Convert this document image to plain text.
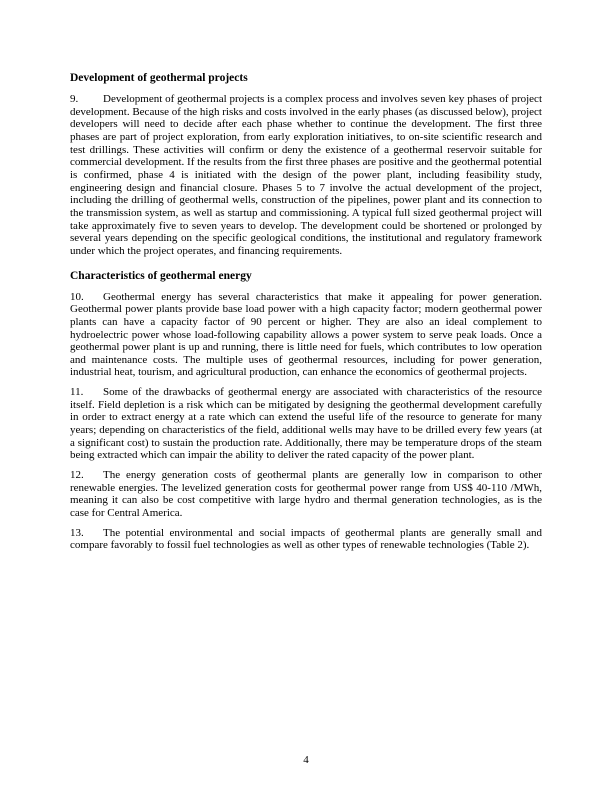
Development of geothermal projects

9. Development of geothermal projects is a complex process and involves seven key phases of project development. Because of the high risks and costs involved in the early phases (as discussed below), project developers will need to decide after each phase whether to continue the development. The first three phases are part of project exploration, from early exploration initiatives, to on-site scientific research and test drillings. These activities will confirm or deny the existence of a geothermal reservoir suitable for commercial development. If the results from the first three phases are positive and the geothermal potential is confirmed, phase 4 is initiated with the design of the power plant, including feasibility study, engineering design and financial closure. Phases 5 to 7 involve the actual development of the project, including the drilling of geothermal wells, construction of the pipelines, power plant and its connection to the transmission system, as well as startup and commissioning. A typical full sized geothermal project will take approximately five to seven years to develop. The development could be shortened or prolonged by several years depending on the specific geological conditions, the institutional and regulatory framework under which the project operates, and financing requirements.

Characteristics of geothermal energy

10. Geothermal energy has several characteristics that make it appealing for power generation. Geothermal power plants provide base load power with a high capacity factor; modern geothermal power plants can have a capacity factor of 90 percent or higher. They are also an ideal complement to hydroelectric power whose load-following capability allows a power system to serve peak loads. Once a geothermal power plant is up and running, there is little need for fuels, which contributes to low operation and maintenance costs. The multiple uses of geothermal resources, including for power generation, industrial heat, tourism, and agricultural production, can enhance the economics of geothermal projects.

11. Some of the drawbacks of geothermal energy are associated with characteristics of the resource itself. Field depletion is a risk which can be mitigated by designing the geothermal development carefully in order to extract energy at a rate which can extend the useful life of the resource to generate for many years; depending on characteristics of the field, additional wells may have to be drilled every few years (at a significant cost) to sustain the production rate. Additionally, there may be temperature drops of the steam being extracted which can impair the ability to deliver the rated capacity of the power plant.

12. The energy generation costs of geothermal plants are generally low in comparison to other renewable energies. The levelized generation costs for geothermal power range from US$ 40-110 /MWh, meaning it can also be cost competitive with large hydro and thermal generation technologies, as is the case for Central America.

13. The potential environmental and social impacts of geothermal plants are generally small and compare favorably to fossil fuel technologies as well as other types of renewable technologies (Table 2).

4
